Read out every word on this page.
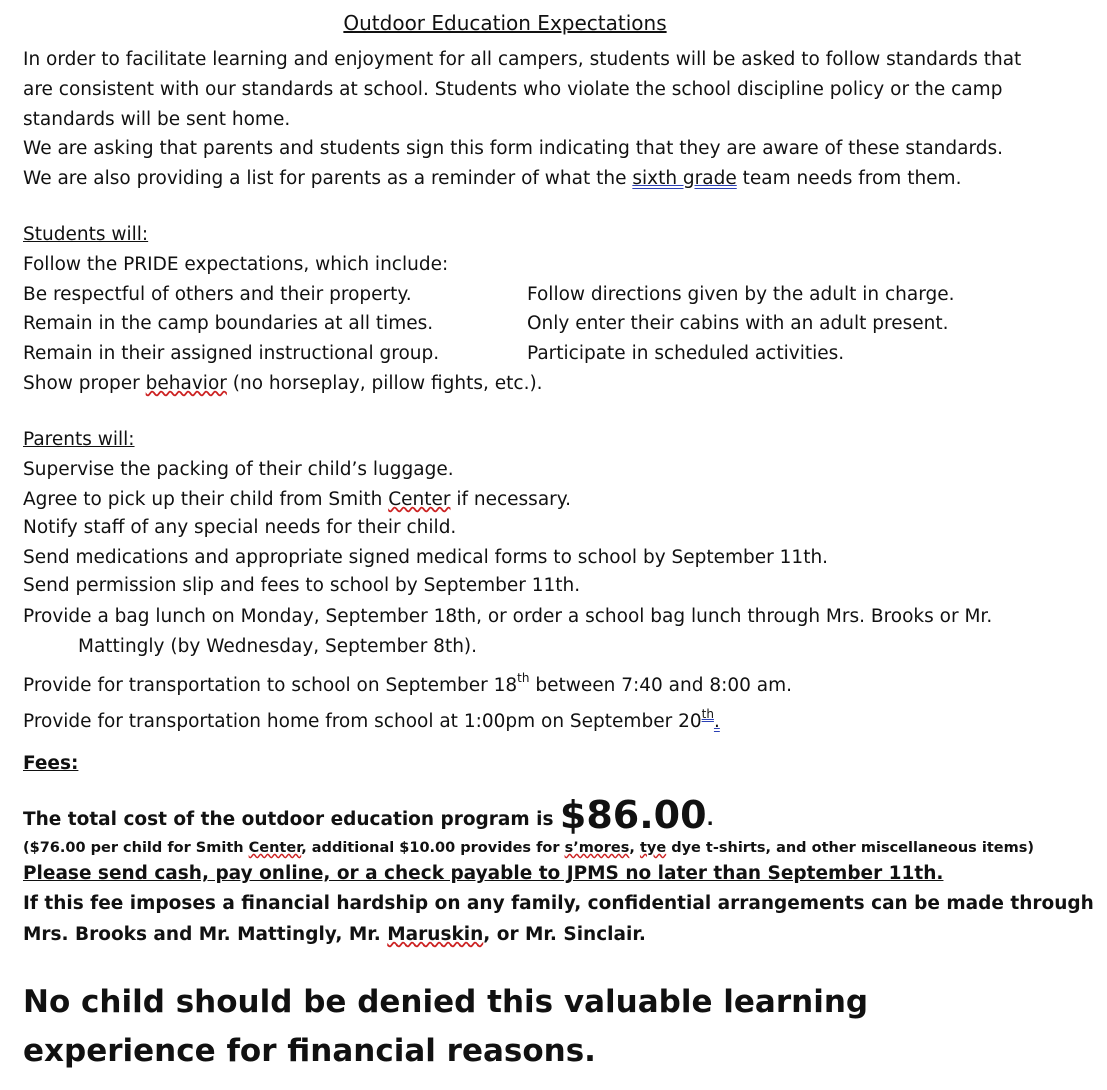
Outdoor Education Expectations
In order to facilitate learning and enjoyment for all campers, students will be asked to follow standards that
are consistent with our standards at school. Students who violate the school discipline policy or the camp
standards will be sent home.
We are asking that parents and students sign this form indicating that they are aware of these standards.
We are also providing a list for parents as a reminder of what the sixth grade team needs from them.
Students will:
Follow the PRIDE expectations, which include:
Be respectful of others and their property.	Follow directions given by the adult in charge.
Remain in the camp boundaries at all times.	Only enter their cabins with an adult present.
Remain in their assigned instructional group.	Participate in scheduled activities.
Show proper behavior (no horseplay, pillow fights, etc.).
Parents will:
Supervise the packing of their child’s luggage.
Agree to pick up their child from Smith Center if necessary.
Notify staff of any special needs for their child.
Send medications and appropriate signed medical forms to school by September 11th.
Send permission slip and fees to school by September 11th.
Provide a bag lunch on Monday, September 18th, or order a school bag lunch through Mrs. Brooks or Mr.
Mattingly (by Wednesday, September 8th).
Provide for transportation to school on September 18th between 7:40 and 8:00 am.
Provide for transportation home from school at 1:00pm on September 20th.
Fees:
The total cost of the outdoor education program is $86.00.
($76.00 per child for Smith Center, additional $10.00 provides for s’mores, tye dye t-shirts, and other miscellaneous items)
Please send cash, pay online, or a check payable to JPMS no later than September 11th.
If this fee imposes a financial hardship on any family, confidential arrangements can be made through
Mrs. Brooks and Mr. Mattingly, Mr. Maruskin, or Mr. Sinclair.
No child should be denied this valuable learning
experience for financial reasons.
